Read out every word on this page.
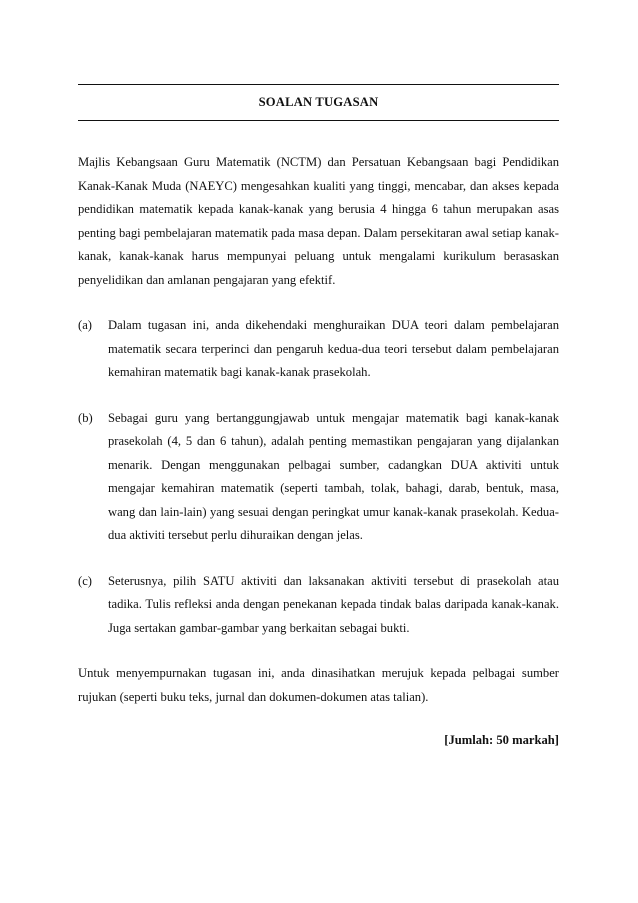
SOALAN TUGASAN

Majlis Kebangsaan Guru Matematik (NCTM) dan Persatuan Kebangsaan bagi Pendidikan Kanak-Kanak Muda (NAEYC) mengesahkan kualiti yang tinggi, mencabar, dan akses kepada pendidikan matematik kepada kanak-kanak yang berusia 4 hingga 6 tahun merupakan asas penting bagi pembelajaran matematik pada masa depan. Dalam persekitaran awal setiap kanak-kanak, kanak-kanak harus mempunyai peluang untuk mengalami kurikulum berasaskan penyelidikan dan amlanan pengajaran yang efektif.

(a)	Dalam tugasan ini, anda dikehendaki menghuraikan DUA teori dalam pembelajaran matematik secara terperinci dan pengaruh kedua-dua teori tersebut dalam pembelajaran kemahiran matematik bagi kanak-kanak prasekolah.
(b)	Sebagai guru yang bertanggungjawab untuk mengajar matematik bagi kanak-kanak prasekolah (4, 5 dan 6 tahun), adalah penting memastikan pengajaran yang dijalankan menarik. Dengan menggunakan pelbagai sumber, cadangkan DUA aktiviti untuk mengajar kemahiran matematik (seperti tambah, tolak, bahagi, darab, bentuk, masa, wang dan lain-lain) yang sesuai dengan peringkat umur kanak-kanak prasekolah. Kedua-dua aktiviti tersebut perlu dihuraikan dengan jelas.
(c)	Seterusnya, pilih SATU aktiviti dan laksanakan aktiviti tersebut di prasekolah atau tadika. Tulis refleksi anda dengan penekanan kepada tindak balas daripada kanak-kanak. Juga sertakan gambar-gambar yang berkaitan sebagai bukti.

Untuk menyempurnakan tugasan ini, anda dinasihatkan merujuk kepada pelbagai sumber rujukan (seperti buku teks, jurnal dan dokumen-dokumen atas talian).

[Jumlah: 50 markah]
